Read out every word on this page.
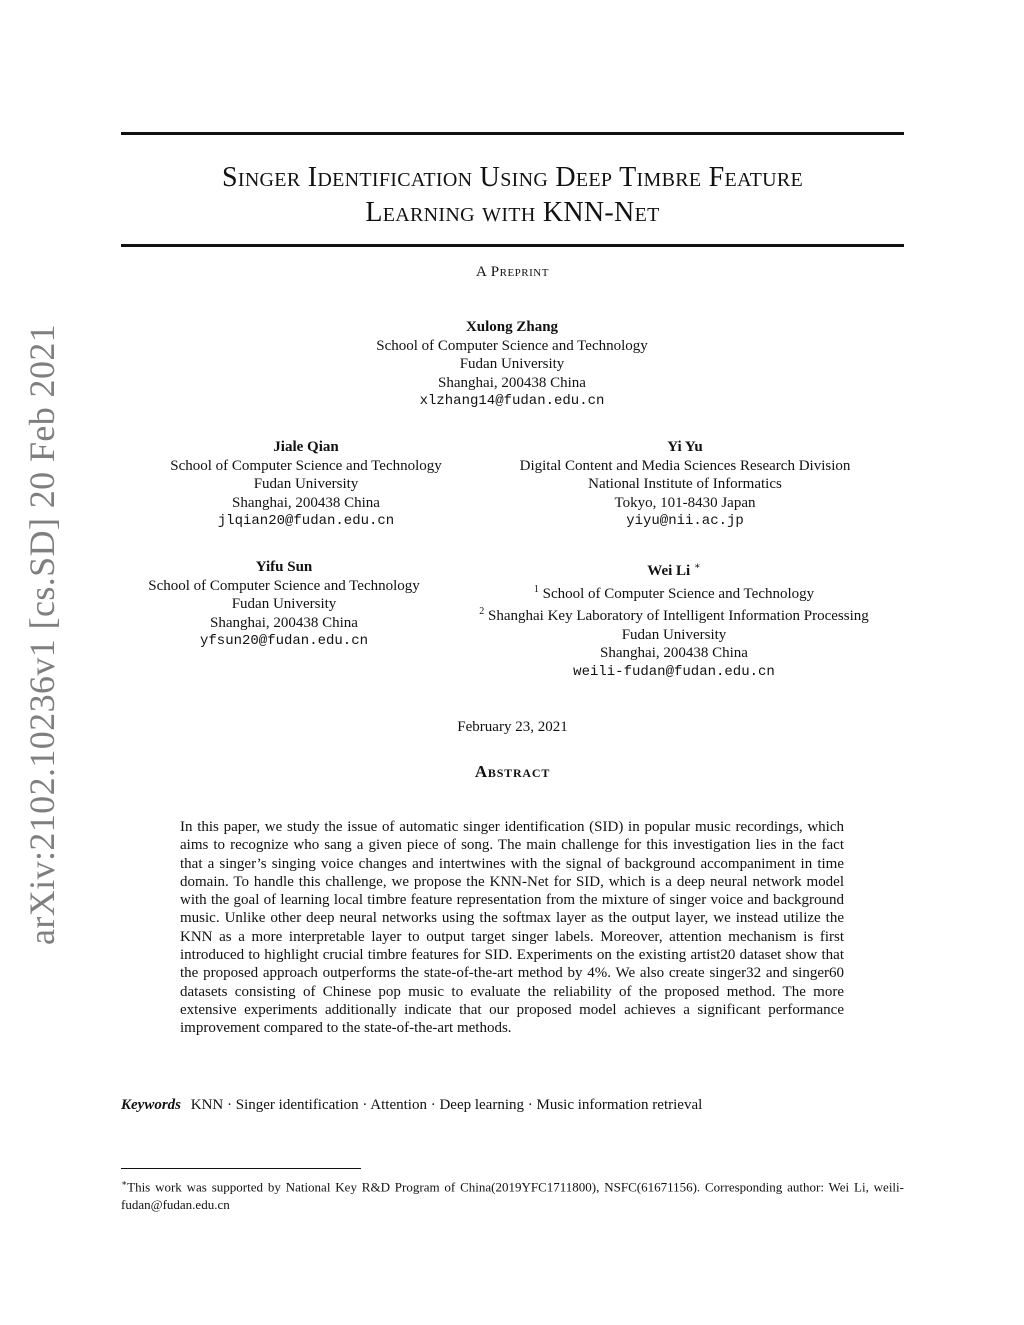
arXiv:2102.10236v1 [cs.SD] 20 Feb 2021
Singer Identification Using Deep Timbre Feature
Learning with KNN-Net
A Preprint
Xulong Zhang
School of Computer Science and Technology
Fudan University
Shanghai, 200438 China
xlzhang14@fudan.edu.cn
Jiale Qian
School of Computer Science and Technology
Fudan University
Shanghai, 200438 China
jlqian20@fudan.edu.cn
Yi Yu
Digital Content and Media Sciences Research Division
National Institute of Informatics
Tokyo, 101-8430 Japan
yiyu@nii.ac.jp
Yifu Sun
School of Computer Science and Technology
Fudan University
Shanghai, 200438 China
yfsun20@fudan.edu.cn
Wei Li ∗
$^1$ School of Computer Science and Technology
$^2$ Shanghai Key Laboratory of Intelligent Information Processing
Fudan University
Shanghai, 200438 China
weili-fudan@fudan.edu.cn
February 23, 2021
Abstract

In this paper, we study the issue of automatic singer identification (SID) in popular music recordings, which aims to recognize who sang a given piece of song. The main challenge for this investigation lies in the fact that a singer’s singing voice changes and intertwines with the signal of background accompaniment in time domain. To handle this challenge, we propose the KNN-Net for SID, which is a deep neural network model with the goal of learning local timbre feature representation from the mixture of singer voice and background music. Unlike other deep neural networks using the softmax layer as the output layer, we instead utilize the KNN as a more interpretable layer to output target singer labels. Moreover, attention mechanism is first introduced to highlight crucial timbre features for SID. Experiments on the existing artist20 dataset show that the proposed approach outperforms the state-of-the-art method by 4%. We also create singer32 and singer60 datasets consisting of Chinese pop music to evaluate the reliability of the proposed method. The more extensive experiments additionally indicate that our proposed model achieves a significant performance improvement compared to the state-of-the-art methods.

Keywords KNN · Singer identification · Attention · Deep learning · Music information retrieval

∗This work was supported by National Key R&D Program of China(2019YFC1711800), NSFC(61671156). Corresponding author: Wei Li, weili-fudan@fudan.edu.cn
